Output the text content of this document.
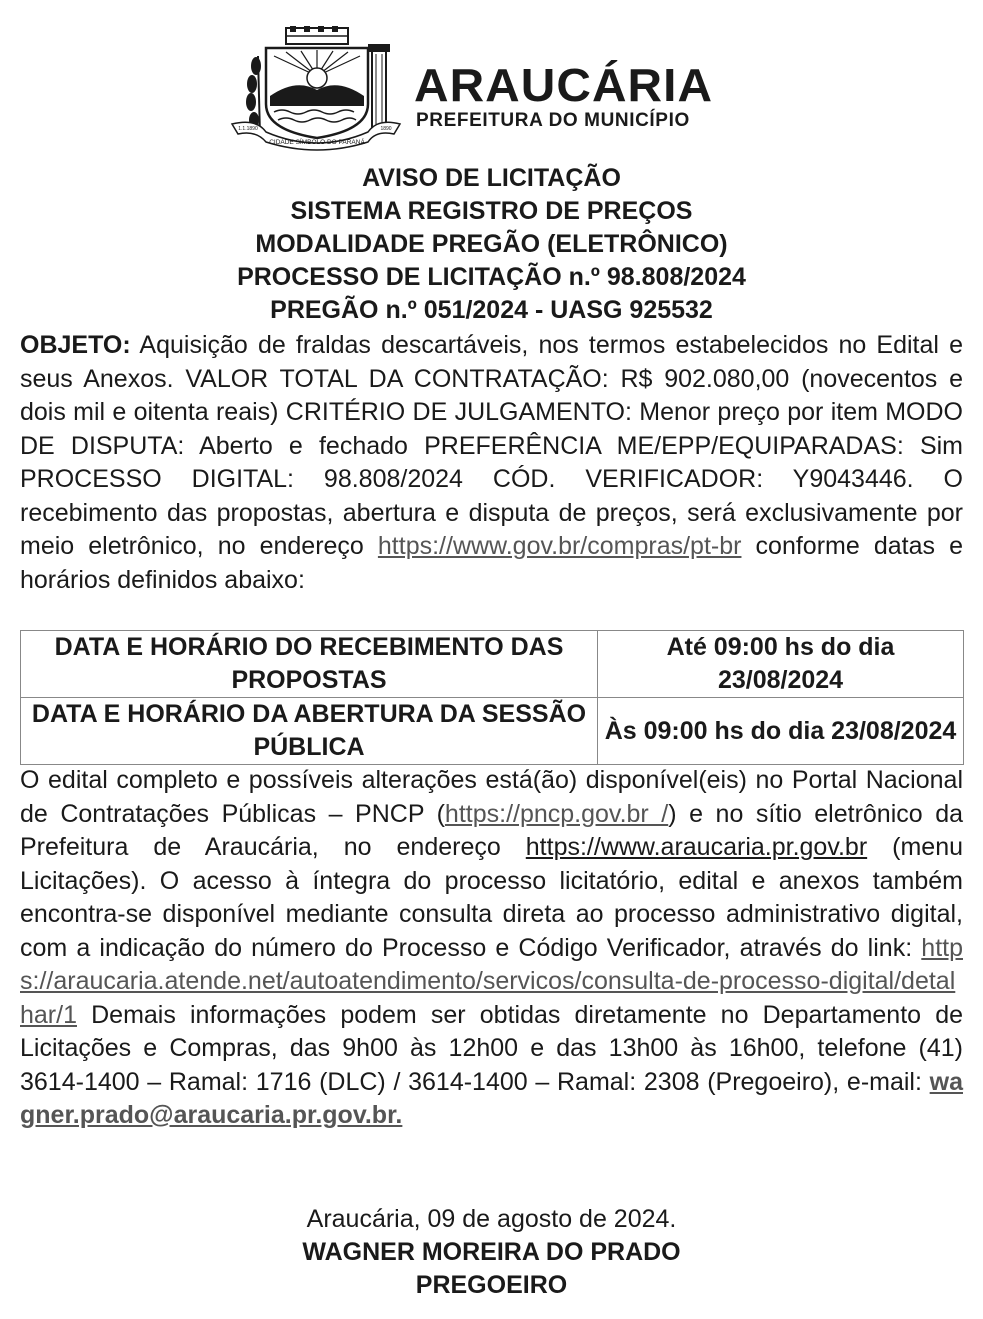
CIDADE SÍMBOLO DO PARANÁ
1.1.1890	1890
ARAUCÁRIA
PREFEITURA DO MUNICÍPIO
AVISO DE LICITAÇÃO
SISTEMA REGISTRO DE PREÇOS
MODALIDADE PREGÃO (ELETRÔNICO)
PROCESSO DE LICITAÇÃO n.º 98.808/2024
PREGÃO n.º 051/2024 - UASG 925532
OBJETO: Aquisição de fraldas descartáveis, nos termos estabelecidos no Edital e seus Anexos. VALOR TOTAL DA CONTRATAÇÃO: R$ 902.080,00 (novecentos e dois mil e oitenta reais) CRITÉRIO DE JULGAMENTO: Menor preço por item MODO DE DISPUTA: Aberto e fechado PREFERÊNCIA ME/EPP/EQUIPARADAS: Sim PROCESSO DIGITAL: 98.808/2024 CÓD. VERIFICADOR: Y9043446. O recebimento das propostas, abertura e disputa de preços, será exclusivamente por meio eletrônico, no endereço https://www.gov.br/compras/pt-br conforme datas e horários definidos abaixo:
DATA E HORÁRIO DO RECEBIMENTO DAS PROPOSTAS	Até 09:00 hs do dia 23/08/2024
DATA E HORÁRIO DA ABERTURA DA SESSÃO PÚBLICA	Às 09:00 hs do dia 23/08/2024
O edital completo e possíveis alterações está(ão) disponível(eis) no Portal Nacional de Contratações Públicas – PNCP (https://pncp.gov.br /) e no sítio eletrônico da Prefeitura de Araucária, no endereço https://www.araucaria.pr.gov.br (menu Licitações). O acesso à íntegra do processo licitatório, edital e anexos também encontra-se disponível mediante consulta direta ao processo administrativo digital, com a indicação do número do Processo e Código Verificador, através do link: https://araucaria.atende.net/autoatendimento/servicos/consulta-de-processo-digital/detalhar/1 Demais informações podem ser obtidas diretamente no Departamento de Licitações e Compras, das 9h00 às 12h00 e das 13h00 às 16h00, telefone (41) 3614-1400 – Ramal: 1716 (DLC) / 3614-1400 – Ramal: 2308 (Pregoeiro), e-mail: wagner.prado@araucaria.pr.gov.br.
Araucária, 09 de agosto de 2024.
WAGNER MOREIRA DO PRADO
PREGOEIRO
